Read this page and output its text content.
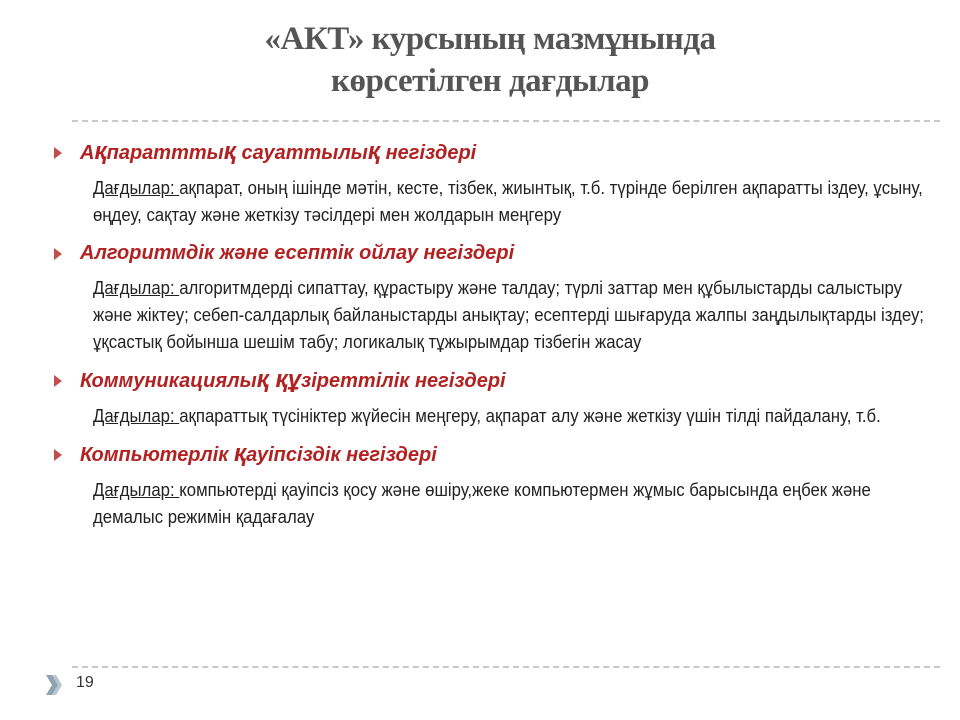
«АКТ» курсының мазмұнында
көрсетілген дағдылар
Ақпаратттық сауаттылық негіздері
Дағдылар: ақпарат, оның ішінде мәтін, кесте, тізбек, жиынтық, т.б. түрінде берілген ақпаратты іздеу, ұсыну, өңдеу, сақтау және жеткізу тәсілдері мен жолдарын меңгеру
Алгоритмдік және есептік ойлау негіздері
Дағдылар: алгоритмдерді сипаттау, құрастыру және талдау; түрлі заттар мен құбылыстарды салыстыру және жіктеу; себеп-салдарлық байланыстарды анықтау; есептерді шығаруда жалпы заңдылықтарды іздеу; ұқсастық бойынша шешім табу; логикалық тұжырымдар тізбегін жасау
Коммуникациялық құзіреттілік негіздері
Дағдылар: ақпараттық түсініктер жүйесін меңгеру, ақпарат алу және жеткізу үшін тілді пайдалану, т.б.
Компьютерлік қауіпсіздік негіздері
Дағдылар: компьютерді қауіпсіз қосу және өшіру,жеке компьютермен жұмыс барысында еңбек және демалыс режимін қадағалау
19
